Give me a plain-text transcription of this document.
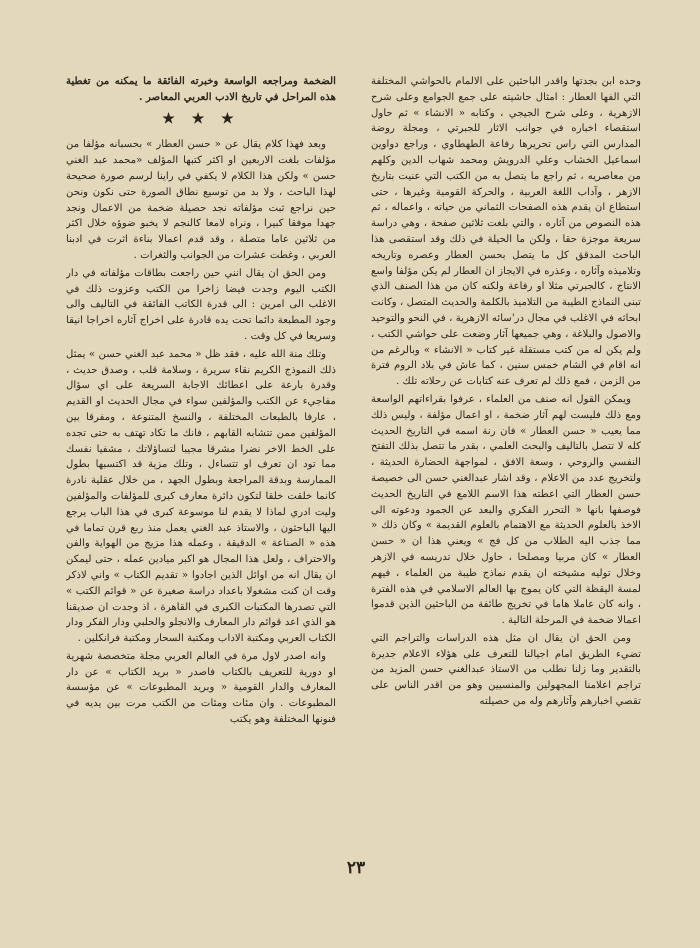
وحده ابن بجدتها واقدر الباحثين على الالمام بالحواشي المختلفة التي الفها العطار : امثال حاشيته على جمع الجوامع وعلى شرح الازهرية ، وعلى شرح الجيجي ، وكتابه « الانشاء » ثم حاول استقصاء اخباره في جوانب الاثار للجبرتي ، ومجلة روضة المدارس التي راس تحريرها رفاعة الطهطاوي ، وراجع دواوين اسماعيل الخشاب وعلي الدرويش ومحمد شهاب الدين وكلهم من معاصريه ، ثم راجع ما يتصل به من الكتب التي عنيت بتاريخ الازهر ، وآداب اللغة العربية ، والحركة القومية وغيرها ، حتى استطاع ان يقدم هذه الصفحات الثماني من حياته ، واعماله ، ثم هذه النصوص من آثاره ، والتي بلغت ثلاثين صفحة ، وهي دراسة سريعة موجزة حقا ، ولكن ما الحيلة في ذلك وقد استقصى هذا الباحث المدقق كل ما يتصل بحسن العطار وعصره وتاريخه وتلاميذه وآثاره ، وعذره في الايجاز ان العطار لم يكن مؤلفا واسع الانتاج ، كالجبرتي مثلا او رفاعة ولكنه كان من هذا الصنف الذي تبنى النماذج الطيبة من التلاميذ بالكلمة والحديث المتصل ، وكانت ابحاثه في الاغلب في مجال در'سائه الازهرية ، في النحو والتوحيد والاصول والبلاغة ، وهي جميعها آثار وضعت على حواشي الكتب ، ولم يكن له من كتب مستقلة غير كتاب « الانشاء » وبالرغم من انه اقام في الشام خمس سنين ، كما عاش في بلاد الروم فترة من الزمن ، فمع ذلك لم تعرف عنه كتابات عن رحلاته تلك .

ويمكن القول انه صنف من العلماء ، عرفوا بقراءاتهم الواسعة ومع ذلك فليست لهم آثار ضخمة ، او اعمال مؤلفة ، وليس ذلك مما يعيب « حسن العطار » فان رنة اسمه في التاريخ الحديث كله لا تتصل بالتاليف والبحث العلمي ، بقدر ما تتصل بذلك التفتح النفسي والروحي ، وسعة الافق ، لمواجهة الحضارة الحديثة ، ولتخريج عدد من الاعلام ، وقد اشار عبدالغني حسن الى خصيصة حسن العطار التي اعطته هذا الاسم اللامع في التاريخ الحديث فوصفها بانها « التحرر الفكري والبعد عن الجمود ودعوته الى الاخذ بالعلوم الحديثة مع الاهتمام بالعلوم القديمة » وكان ذلك « مما جذب اليه الطلاب من كل فج » ويعني هذا ان « حسن العطار » كان مربيا ومصلحا ، حاول خلال تدريسه في الازهر وخلال توليه مشيخته ان يقدم نماذج طيبة من العلماء ، فيهم لمسة اليقظة التي كان يموج بها العالم الاسلامي في هذه الفترة ، وانه كان عاملا هاما في تخريج طائفة من الباحثين الذين قدموا اعمالا ضخمة في المرحلة التالية .

ومن الحق ان يقال ان مثل هذه الدراسات والتراجم التي تضيء الطريق امام اجيالنا للتعرف على هؤلاء الاعلام جديرة بالتقدير وما زلنا نطلب من الاستاذ عبدالغني حسن المزيد من تراجم اعلامنا المجهولين والمنسيين وهو من اقدر الناس على تقصي اخبارهم وآثارهم وله من حصيلته

الضخمة ومراجعه الواسعة وخبرته الفائقة ما يمكنه من تغطية هذه المراحل في تاريخ الادب العربي المعاصر .

★ ★ ★

وبعد فهذا كلام يقال عن « حسن العطار » بحسبانه مؤلفا من مؤلفات بلغت الاربعين او اكثر كتبها المؤلف «محمد عبد الغني حسن » ولكن هذا الكلام لا يكفي في راينا لرسم صورة صحيحة لهذا الباحث ، ولا بد من توسيع نطاق الصورة حتى نكون ونحن حين نراجع ثبت مؤلفاته نجد حصيلة ضخمة من الاعمال ونجد جهدا موفقا كبيرا ، ونراه لامعا كالنجم لا يخبو ضوؤه خلال اكثر من ثلاثين عاما متصلة ، وقد قدم اعمالا بناءة اثرت في ادبنا العربي ، وغطت عشرات من الجوانب والثغرات .

ومن الحق ان يقال انني حين راجعت بطاقات مؤلفاته في دار الكتب اليوم وجدت فيضا زاخرا من الكتب وعزوت ذلك في الاغلب الى امرين : الى قدرة الكاتب الفائقة في التاليف والى وجود المطبعة دائما تحت يده قادرة على اخراج آثاره اخراجا انيقا وسريعا في كل وقت .

وتلك منة الله عليه ، فقد ظل « محمد عبد الغني حسن » يمثل ذلك النموذج الكريم نقاء سريرة ، وسلامة قلب ، وصدق حديث ، وقدرة بارعة على اعطائك الاجابة السريعة على اي سؤال مفاجيء عن الكتب والمؤلفين سواء في مجال الحديث او القديم ، عارفا بالطبعات المختلفة ، والنسخ المتنوعة ، ومفرقا بين المؤلفين ممن تتشابه القابهم ، فانك ما تكاد تهتف به حتى تجده على الخط الاخر نضرا مشرقا مجيبا لتساؤلاتك ، مشفيا نفسك مما تود ان تعرف او تتساءل ، وتلك مزية قد اكتسبها بطول الممارسة وبدقة المراجعة وبطول الجهد ، من خلال عقلية نادرة كانما خلقت خلقا لتكون دائرة معارف كبرى للمؤلفات والمؤلفين وليت ادري لماذا لا يقدم لنا موسوعة كبرى في هذا الباب يرجع اليها الباحثون ، والاستاذ عبد الغني يعمل منذ ربع قرن تماما في هذه « الصناعة » الدقيقة ، وعمله هذا مزيج من الهواية والفن والاحتراف ، ولعل هذا المجال هو اكبر ميادين عمله ، حتى ليمكن ان يقال انه من اوائل الذين اجادوا « تقديم الكتاب » واني لاذكر وقت ان كنت مشغولا باعداد دراسة صغيرة عن « قوائم الكتب » التي تصدرها المكتبات الكبرى في القاهرة ، اذ وجدت ان صديقنا هو الذي اعد قوائم دار المعارف والانجلو والحلبي ودار الفكر ودار الكتاب العربي ومكتبة الاداب ومكتبة السحار ومكتبة فرانكلين .

وانه اصدر لاول مرة في العالم العربي مجلة متخصصة شهرية او دورية للتعريف بالكتاب فاصدر « بريد الكتاب » عن دار المعارف والدار القومية « وبريد المطبوعات » عن مؤسسة المطبوعات . وان مئات ومئات من الكتب مرت بين يديه في فنونها المختلفة وهو يكتب

٢٣
